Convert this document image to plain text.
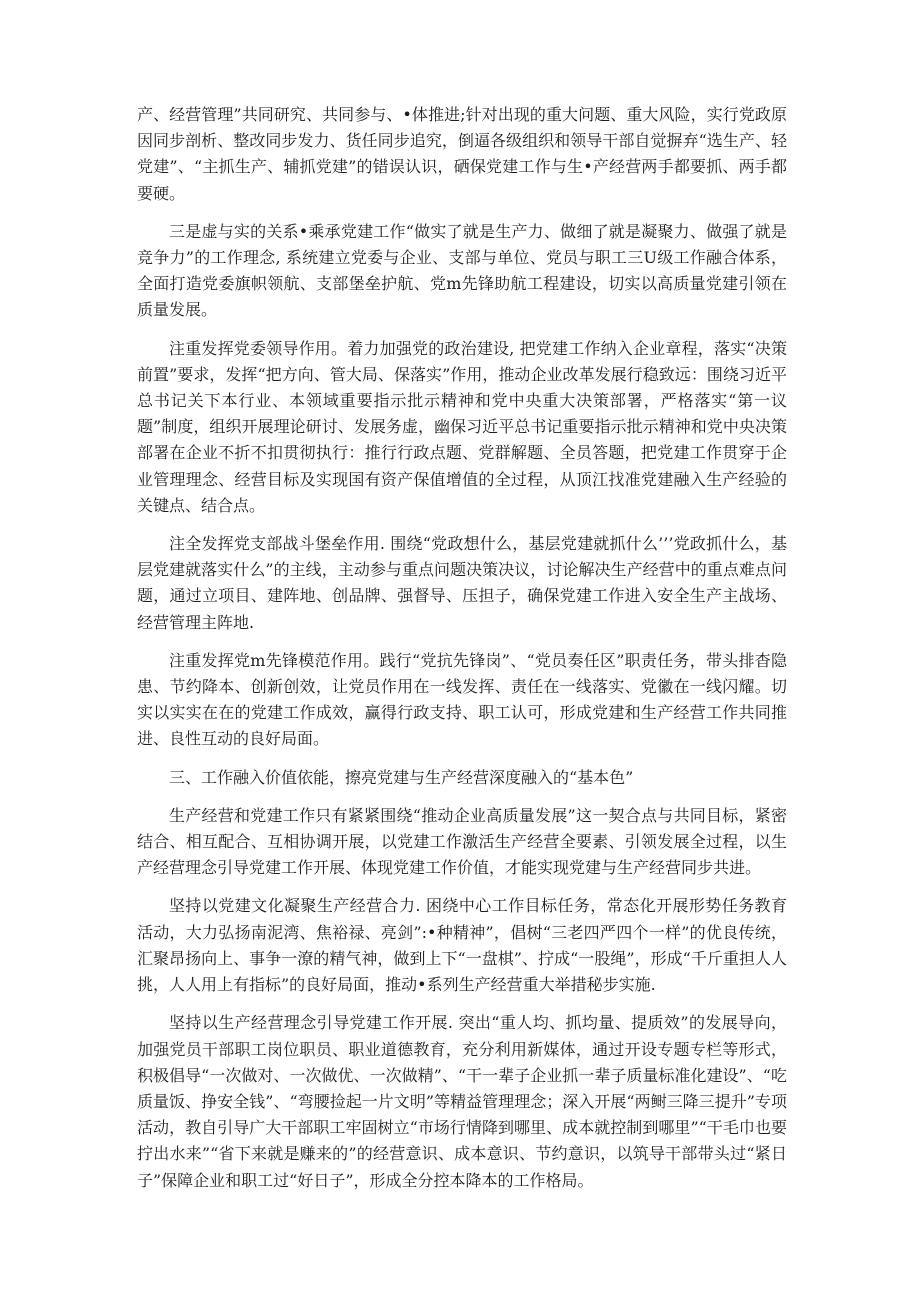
产、经营管理”共同研究、共同参与、•体推进;针对出现的重大问题、重大风险，实行党政原因同步剖析、整改同步发力、货任同步追究，倒逼各级组织和领导干部自觉摒弃“选生产、轻党建”、“主抓生产、辅抓党建”的错误认识，硒保党建工作与生•产经营两手都要抓、两手都要硬。

三是虚与实的关系•乘承党建工作“做实了就是生产力、做细了就是凝聚力、做强了就是竞争力”的工作理念, 系统建立党委与企业、支部与单位、党员与职工三U级工作融合体系，全面打造党委旗帜领航、支部堡垒护航、党m先锋助航工程建设，切实以高质量党建引领在质量发展。

注重发挥党委领导作用。着力加强党的政治建设, 把党建工作纳入企业章程，落实“决策前置”要求，发挥“把方向、管大局、保落实”作用，推动企业改革发展行稳致远：围绕习近平总书记关下本行业、本领域重要指示批示精神和党中央重大决策部署，严格落实“第一议题”制度，组织开展理论研讨、发展务虚，幽保习近平总书记重要指示批示精神和党中央决策部署在企业不折不扣贯彻执行：推行行政点题、党群解题、全员答题，把党建工作贯穿于企业管理理念、经营目标及实现国有资产保值增值的全过程，从顶江找准党建融入生产经验的关键点、结合点。

注全发挥党支部战斗堡垒作用. 围绕“党政想什么，基层党建就抓什么’’’党政抓什么，基层党建就落实什么”的主线，主动参与重点问题决策决议，讨论解决生产经营中的重点难点问题，通过立项目、建阵地、创品牌、强督导、压担子，确保党建工作进入安全生产主战场、经营管理主阵地.

注重发挥党m先锋模范作用。践行“党抗先锋岗”、“党员奏任区”职责任务，带头排杳隐患、节约降本、创新创效，让党员作用在一线发挥、责任在一线落实、党徽在一线闪耀。切实以实实在在的党建工作成效，赢得行政支持、职工认可，形成党建和生产经营工作共同推进、良性互动的良好局面。

三、工作融入价值依能，擦亮党建与生产经营深度融入的“基本色”

生产经营和党建工作只有紧紧围绕“推动企业高质量发展”这一契合点与共同目标，紧密结合、相互配合、互相协调开展，以党建工作激活生产经营全要素、引领发展全过程，以生产经营理念引导党建工作开展、体现党建工作价值，才能实现党建与生产经营同步共进。

坚持以党建文化凝聚生产经营合力. 困绕中心工作目标任务，常态化开展形势任务教育活动，大力弘扬南泥湾、焦裕禄、亮剑”:•种精神”，倡树“三老四严四个一样”的优良传统，汇聚昂扬向上、事争一潦的精气神，做到上下“一盘棋”、拧成“一股绳”，形成“千斤重担人人挑，人人用上有指标”的良好局面，推动•系列生产经营重大举措秘步实施.

坚持以生产经营理念引导党建工作开展. 突出“重人均、抓均量、提质效”的发展导向，加强党员干部职工岗位职员、职业道德教育，充分利用新媒体，通过开设专题专栏等形式，积极倡导“一次做对、一次做优、一次做精”、“干一辈子企业抓一辈子质量标准化建设”、“吃质量饭、挣安全钱”、“弯腰捡起一片文明”等精益管理理念；深入开展“两鲥三降三提升”专项活动，教自引导广大干部职工牢固树立“市场行情降到哪里、成本就控制到哪里”“干毛巾也要拧出水来”“省下来就是赚来的”的经营意识、成本意识、节约意识，以筑导干部带头过“紧日子”保障企业和职工过“好日子”，形成全分控本降本的工作格局。
